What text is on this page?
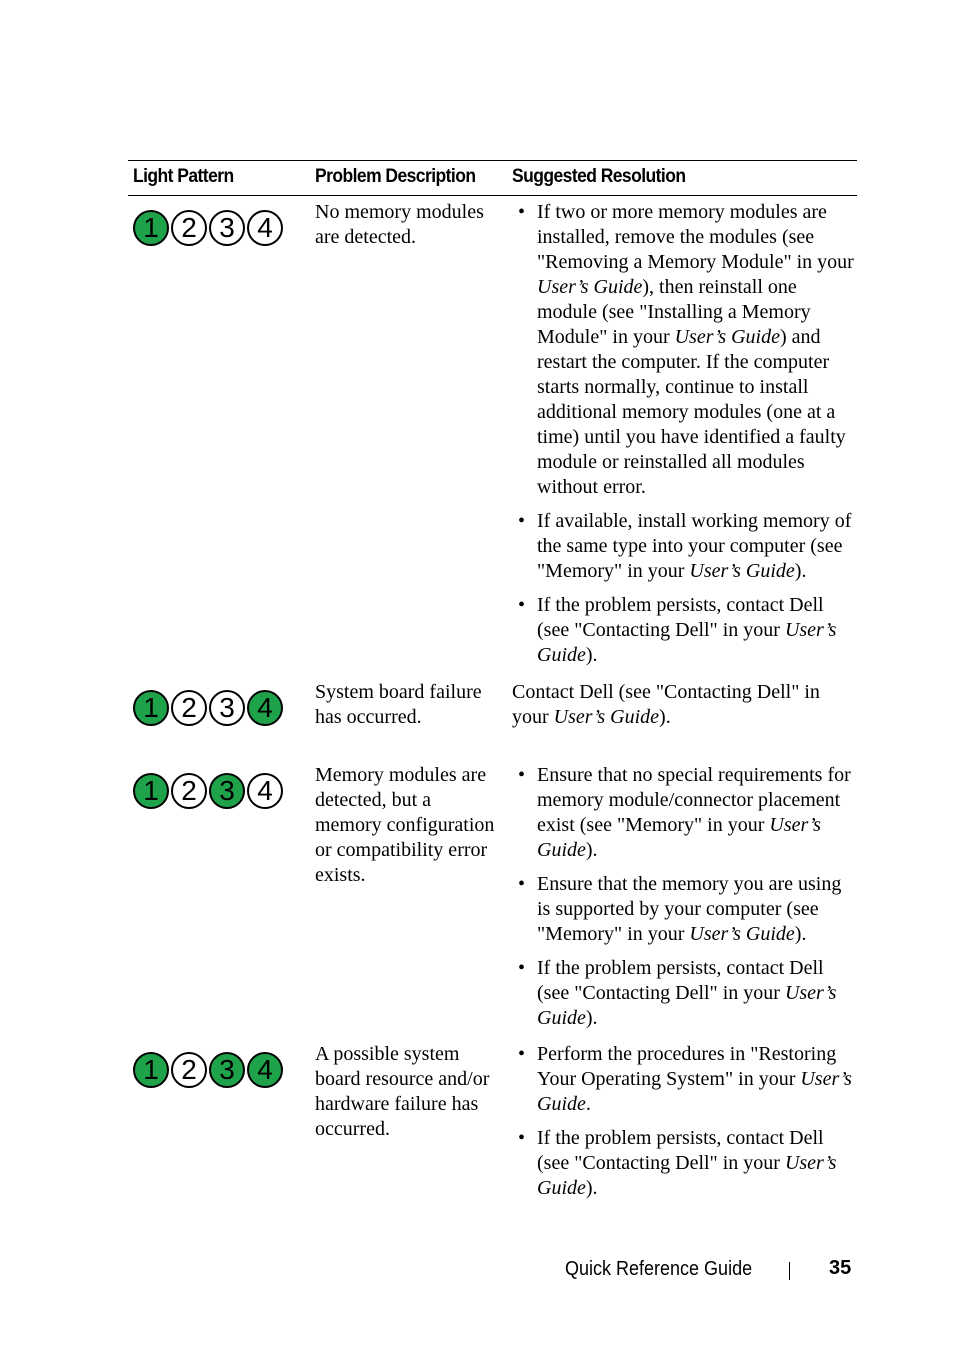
Light Pattern	Problem Description Suggested Resolution
1 2 3 4	No memory modules are detected.
• If two or more memory modules are installed, remove the modules (see "Removing a Memory Module" in your User’s Guide), then reinstall one module (see "Installing a Memory Module" in your User’s Guide) and restart the computer. If the computer starts normally, continue to install additional memory modules (one at a time) until you have identified a faulty module or reinstalled all modules without error.
• If available, install working memory of the same type into your computer (see "Memory" in your User’s Guide).
• If the problem persists, contact Dell (see "Contacting Dell" in your User’s Guide).
1 2 3 4	System board failure has occurred.
Contact Dell (see "Contacting Dell" in your User’s Guide).
1 2 3 4	Memory modules are detected, but a memory configuration or compatibility error exists.
• Ensure that no special requirements for memory module/connector placement exist (see "Memory" in your User’s Guide).
• Ensure that the memory you are using is supported by your computer (see "Memory" in your User’s Guide).
• If the problem persists, contact Dell (see "Contacting Dell" in your User’s Guide).
1 2 3 4	A possible system board resource and/or hardware failure has occurred.
• Perform the procedures in "Restoring Your Operating System" in your User’s Guide.
• If the problem persists, contact Dell (see "Contacting Dell" in your User’s Guide).
Quick Reference Guide	35
